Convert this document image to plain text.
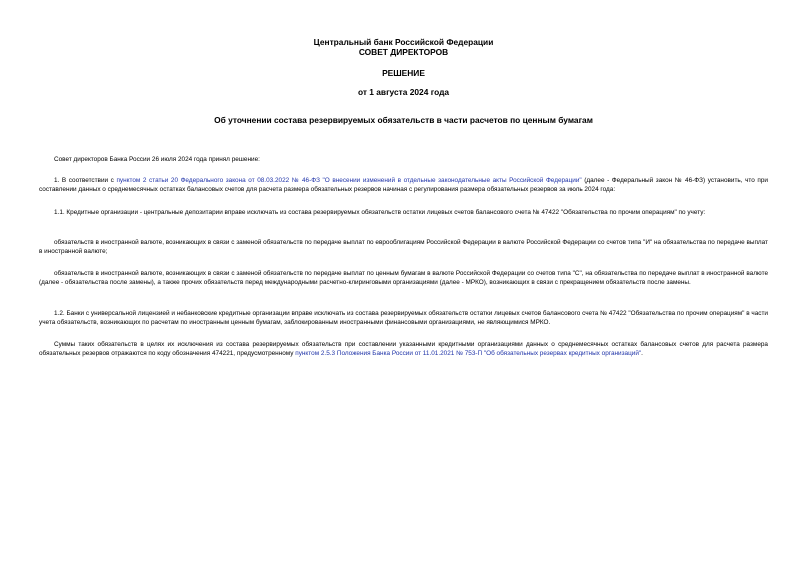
Центральный банк Российской Федерации
СОВЕТ ДИРЕКТОРОВ
РЕШЕНИЕ
от 1 августа 2024 года
Об уточнении состава резервируемых обязательств в части расчетов по ценным бумагам

Совет директоров Банка России 26 июля 2024 года принял решение:

1. В соответствии с пунктом 2 статьи 20 Федерального закона от 08.03.2022 № 46-ФЗ "О внесении изменений в отдельные законодательные акты Российской Федерации" (далее - Федеральный закон № 46-ФЗ) установить, что при составлении данных о среднемесячных остатках балансовых счетов для расчета размера обязательных резервов начиная с регулирования размера обязательных резервов за июль 2024 года:

1.1. Кредитные организации - центральные депозитарии вправе исключать из состава резервируемых обязательств остатки лицевых счетов балансового счета № 47422 "Обязательства по прочим операциям" по учету:

обязательств в иностранной валюте, возникающих в связи с заменой обязательств по передаче выплат по еврооблигациям Российской Федерации в валюте Российской Федерации со счетов типа "И" на обязательства по передаче выплат в иностранной валюте;

обязательств в иностранной валюте, возникающих в связи с заменой обязательств по передаче выплат по ценным бумагам в валюте Российской Федерации со счетов типа "С", на обязательства по передаче выплат в иностранной валюте (далее - обязательства после замены), а также прочих обязательств перед международными расчетно-клиринговыми организациями (далее - МРКО), возникающих в связи с прекращением обязательств после замены.

1.2. Банки с универсальной лицензией и небанковские кредитные организации вправе исключать из состава резервируемых обязательств остатки лицевых счетов балансового счета № 47422 "Обязательства по прочим операциям" в части учета обязательств, возникающих по расчетам по иностранным ценным бумагам, заблокированным иностранными финансовыми организациями, не являющимися МРКО.

Суммы таких обязательств в целях их исключения из состава резервируемых обязательств при составлении указанными кредитными организациями данных о среднемесячных остатках балансовых счетов для расчета размера обязательных резервов отражаются по коду обозначения 474221, предусмотренному пунктом 2.5.3 Положения Банка России от 11.01.2021 № 753-П "Об обязательных резервах кредитных организаций".
